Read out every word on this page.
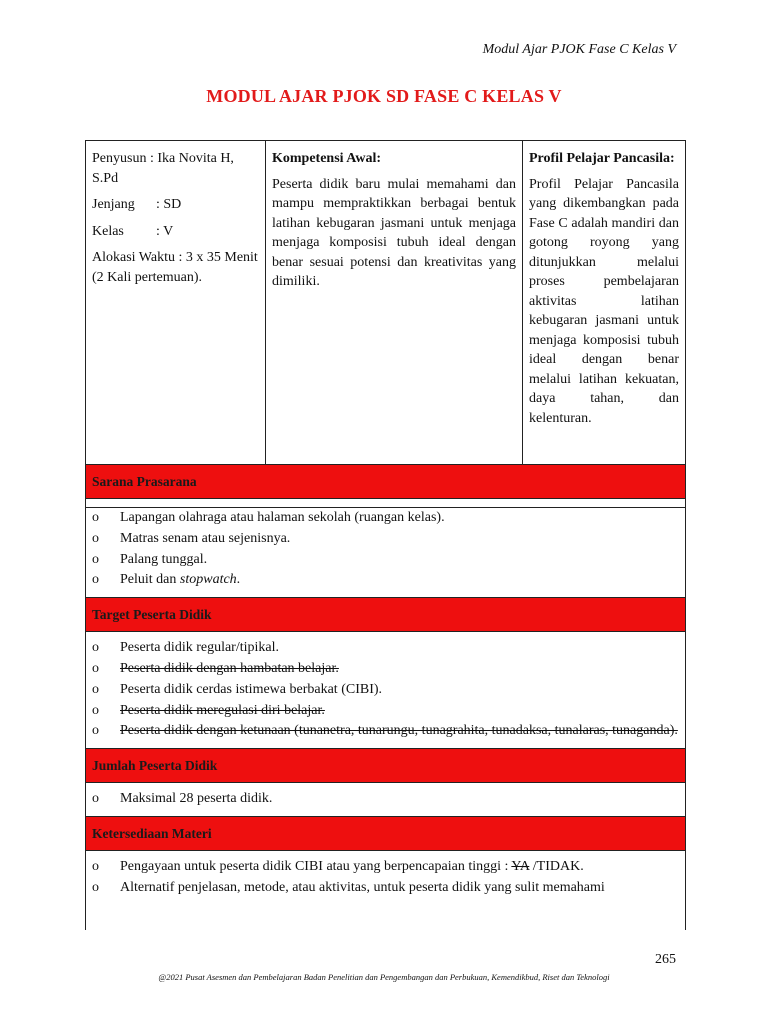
Modul Ajar PJOK Fase C Kelas V
MODUL AJAR PJOK SD FASE C KELAS V

Penyusun : Ika Novita H, S.Pd

Jenjang : SD

Kelas : V

Alokasi Waktu : 3 x 35 Menit (2 Kali pertemuan).

Kompetensi Awal:
Peserta didik baru mulai memahami dan mampu mempraktikkan berbagai bentuk latihan kebugaran jasmani untuk menjaga menjaga komposisi tubuh ideal dengan benar sesuai potensi dan kreativitas yang dimiliki.
Profil Pelajar Pancasila:
Profil Pelajar Pancasila yang dikembangkan pada Fase C adalah mandiri dan gotong royong yang ditunjukkan melalui proses pembelajaran aktivitas latihan kebugaran jasmani untuk menjaga komposisi tubuh ideal dengan benar melalui latihan kekuatan, daya tahan, dan kelenturan.
Sarana Prasarana
o Lapangan olahraga atau halaman sekolah (ruangan kelas).
o Matras senam atau sejenisnya.
o Palang tunggal.
o Peluit dan stopwatch.
Target Peserta Didik
o Peserta didik regular/tipikal.
o Peserta didik dengan hambatan belajar.
o Peserta didik cerdas istimewa berbakat (CIBI).
o Peserta didik meregulasi diri belajar.
o Peserta didik dengan ketunaan (tunanetra, tunarungu, tunagrahita, tunadaksa, tunalaras, tunaganda).
Jumlah Peserta Didik
o Maksimal 28 peserta didik.
Ketersediaan Materi
o Pengayaan untuk peserta didik CIBI atau yang berpencapaian tinggi : YA /TIDAK.
o Alternatif penjelasan, metode, atau aktivitas, untuk peserta didik yang sulit memahami
265
@2021 Pusat Asesmen dan Pembelajaran Badan Penelitian dan Pengembangan dan Perbukuan, Kemendikbud, Riset dan Teknologi
